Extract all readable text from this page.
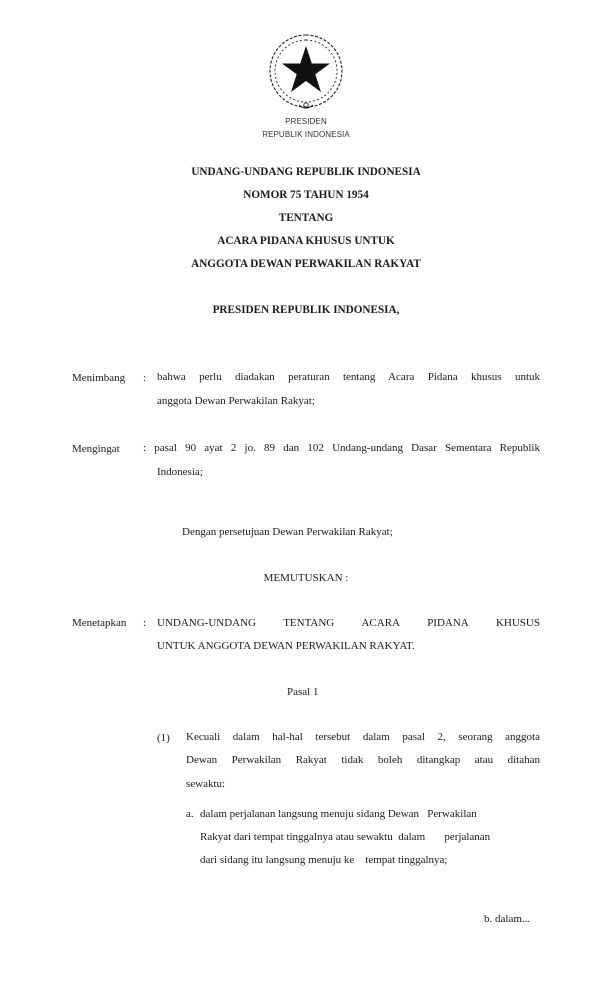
PRESIDEN
REPUBLIK INDONESIA
UNDANG-UNDANG REPUBLIK INDONESIA
NOMOR 75 TAHUN 1954
TENTANG
ACARA PIDANA KHUSUS UNTUK
ANGGOTA DEWAN PERWAKILAN RAKYAT
PRESIDEN REPUBLIK INDONESIA,
Menimbang : bahwa perlu diadakan peraturan tentang Acara Pidana khusus untuk
anggota Dewan Perwakilan Rakyat;
Mengingat : pasal 90 ayat 2 jo. 89 dan 102 Undang-undang Dasar Sementara Republik
Indonesia;
Dengan persetujuan Dewan Perwakilan Rakyat;
MEMUTUSKAN :
Menetapkan : UNDANG-UNDANG TENTANG ACARA PIDANA KHUSUS
UNTUK ANGGOTA DEWAN PERWAKILAN RAKYAT.
Pasal 1
(1) Kecuali dalam hal-hal tersebut dalam pasal 2, seorang anggota
Dewan Perwakilan Rakyat tidak boleh ditangkap atau ditahan
sewaktu:
a. dalam perjalanan langsung menuju sidang Dewan   Perwakilan
Rakyat dari tempat tinggalnya atau sewaktu  dalam       perjalanan
dari sidang itu langsung menuju ke    tempat tinggalnya;
b. dalam...
